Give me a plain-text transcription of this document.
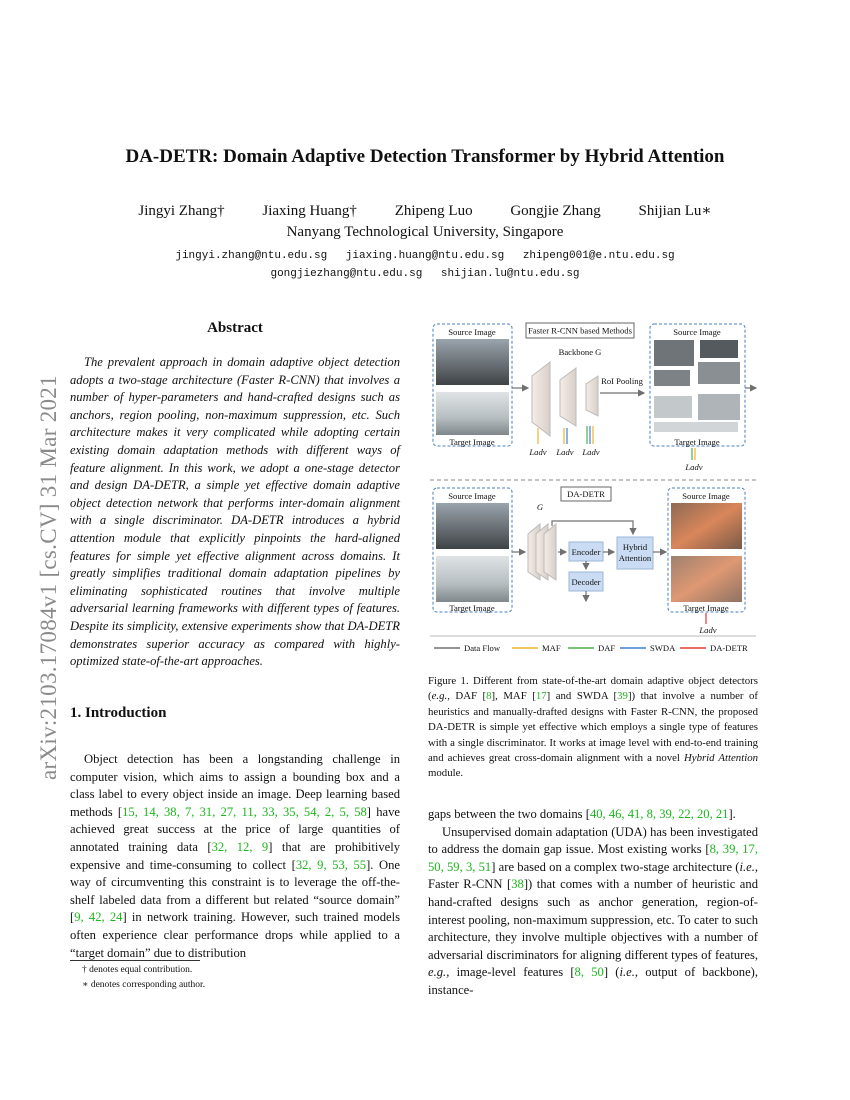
arXiv:2103.17084v1 [cs.CV] 31 Mar 2021
DA-DETR: Domain Adaptive Detection Transformer by Hybrid Attention
Jingyi Zhang†	Jiaxing Huang†	Zhipeng Luo	Gongjie Zhang	Shijian Lu∗
Nanyang Technological University, Singapore
jingyi.zhang@ntu.edu.sg jiaxing.huang@ntu.edu.sg zhipeng001@e.ntu.edu.sg
gongjiezhang@ntu.edu.sg shijian.lu@ntu.edu.sg
Abstract
The prevalent approach in domain adaptive object detection adopts a two-stage architecture (Faster R-CNN) that involves a number of hyper-parameters and hand-crafted designs such as anchors, region pooling, non-maximum suppression, etc. Such architecture makes it very complicated while adopting certain existing domain adaptation methods with different ways of feature alignment. In this work, we adopt a one-stage detector and design DA-DETR, a simple yet effective domain adaptive object detection network that performs inter-domain alignment with a single discriminator. DA-DETR introduces a hybrid attention module that explicitly pinpoints the hard-aligned features for simple yet effective alignment across domains. It greatly simplifies traditional domain adaptation pipelines by eliminating sophisticated routines that involve multiple adversarial learning frameworks with different types of features. Despite its simplicity, extensive experiments show that DA-DETR demonstrates superior accuracy as compared with highly-optimized state-of-the-art approaches.
1. Introduction
Object detection has been a longstanding challenge in computer vision, which aims to assign a bounding box and a class label to every object inside an image. Deep learning based methods [15, 14, 38, 7, 31, 27, 11, 33, 35, 54, 2, 5, 58] have achieved great success at the price of large quantities of annotated training data [32, 12, 9] that are prohibitively expensive and time-consuming to collect [32, 9, 53, 55]. One way of circumventing this constraint is to leverage the off-the-shelf labeled data from a different but related “source domain” [9, 42, 24] in network training. However, such trained models often experience clear performance drops while applied to a “target domain” due to distribution
† denotes equal contribution.
∗ denotes corresponding author.
gaps between the two domains [40, 46, 41, 8, 39, 22, 20, 21].
Unsupervised domain adaptation (UDA) has been investigated to address the domain gap issue. Most existing works [8, 39, 17, 50, 59, 3, 51] are based on a complex two-stage architecture (i.e., Faster R-CNN [38]) that comes with a number of heuristic and hand-crafted designs such as anchor generation, region-of-interest pooling, non-maximum suppression, etc. To cater to such architecture, they involve multiple objectives with a number of adversarial discriminators for aligning different types of features, e.g., image-level features [8, 50] (i.e., output of backbone), instance-
Figure 1. Different from state-of-the-art domain adaptive object detectors (e.g., DAF [8], MAF [17] and SWDA [39]) that involve a number of heuristics and manually-drafted designs with Faster R-CNN, the proposed DA-DETR is simple yet effective which employs a single type of features with a single discriminator. It works at image level with end-to-end training and achieves great cross-domain alignment with a novel Hybrid Attention module.
Source Image
Target Image
Faster R-CNN based Methods
Backbone G
RoI Pooling
Source Image
Target Image
Ladv Ladv Ladv
Ladv
Source Image
Target Image
DA-DETR
G
Encoder
Decoder
Hybrid
Attention
Source Image
Target Image
Ladv
Data Flow	MAF	DAF	SWDA	DA-DETR
